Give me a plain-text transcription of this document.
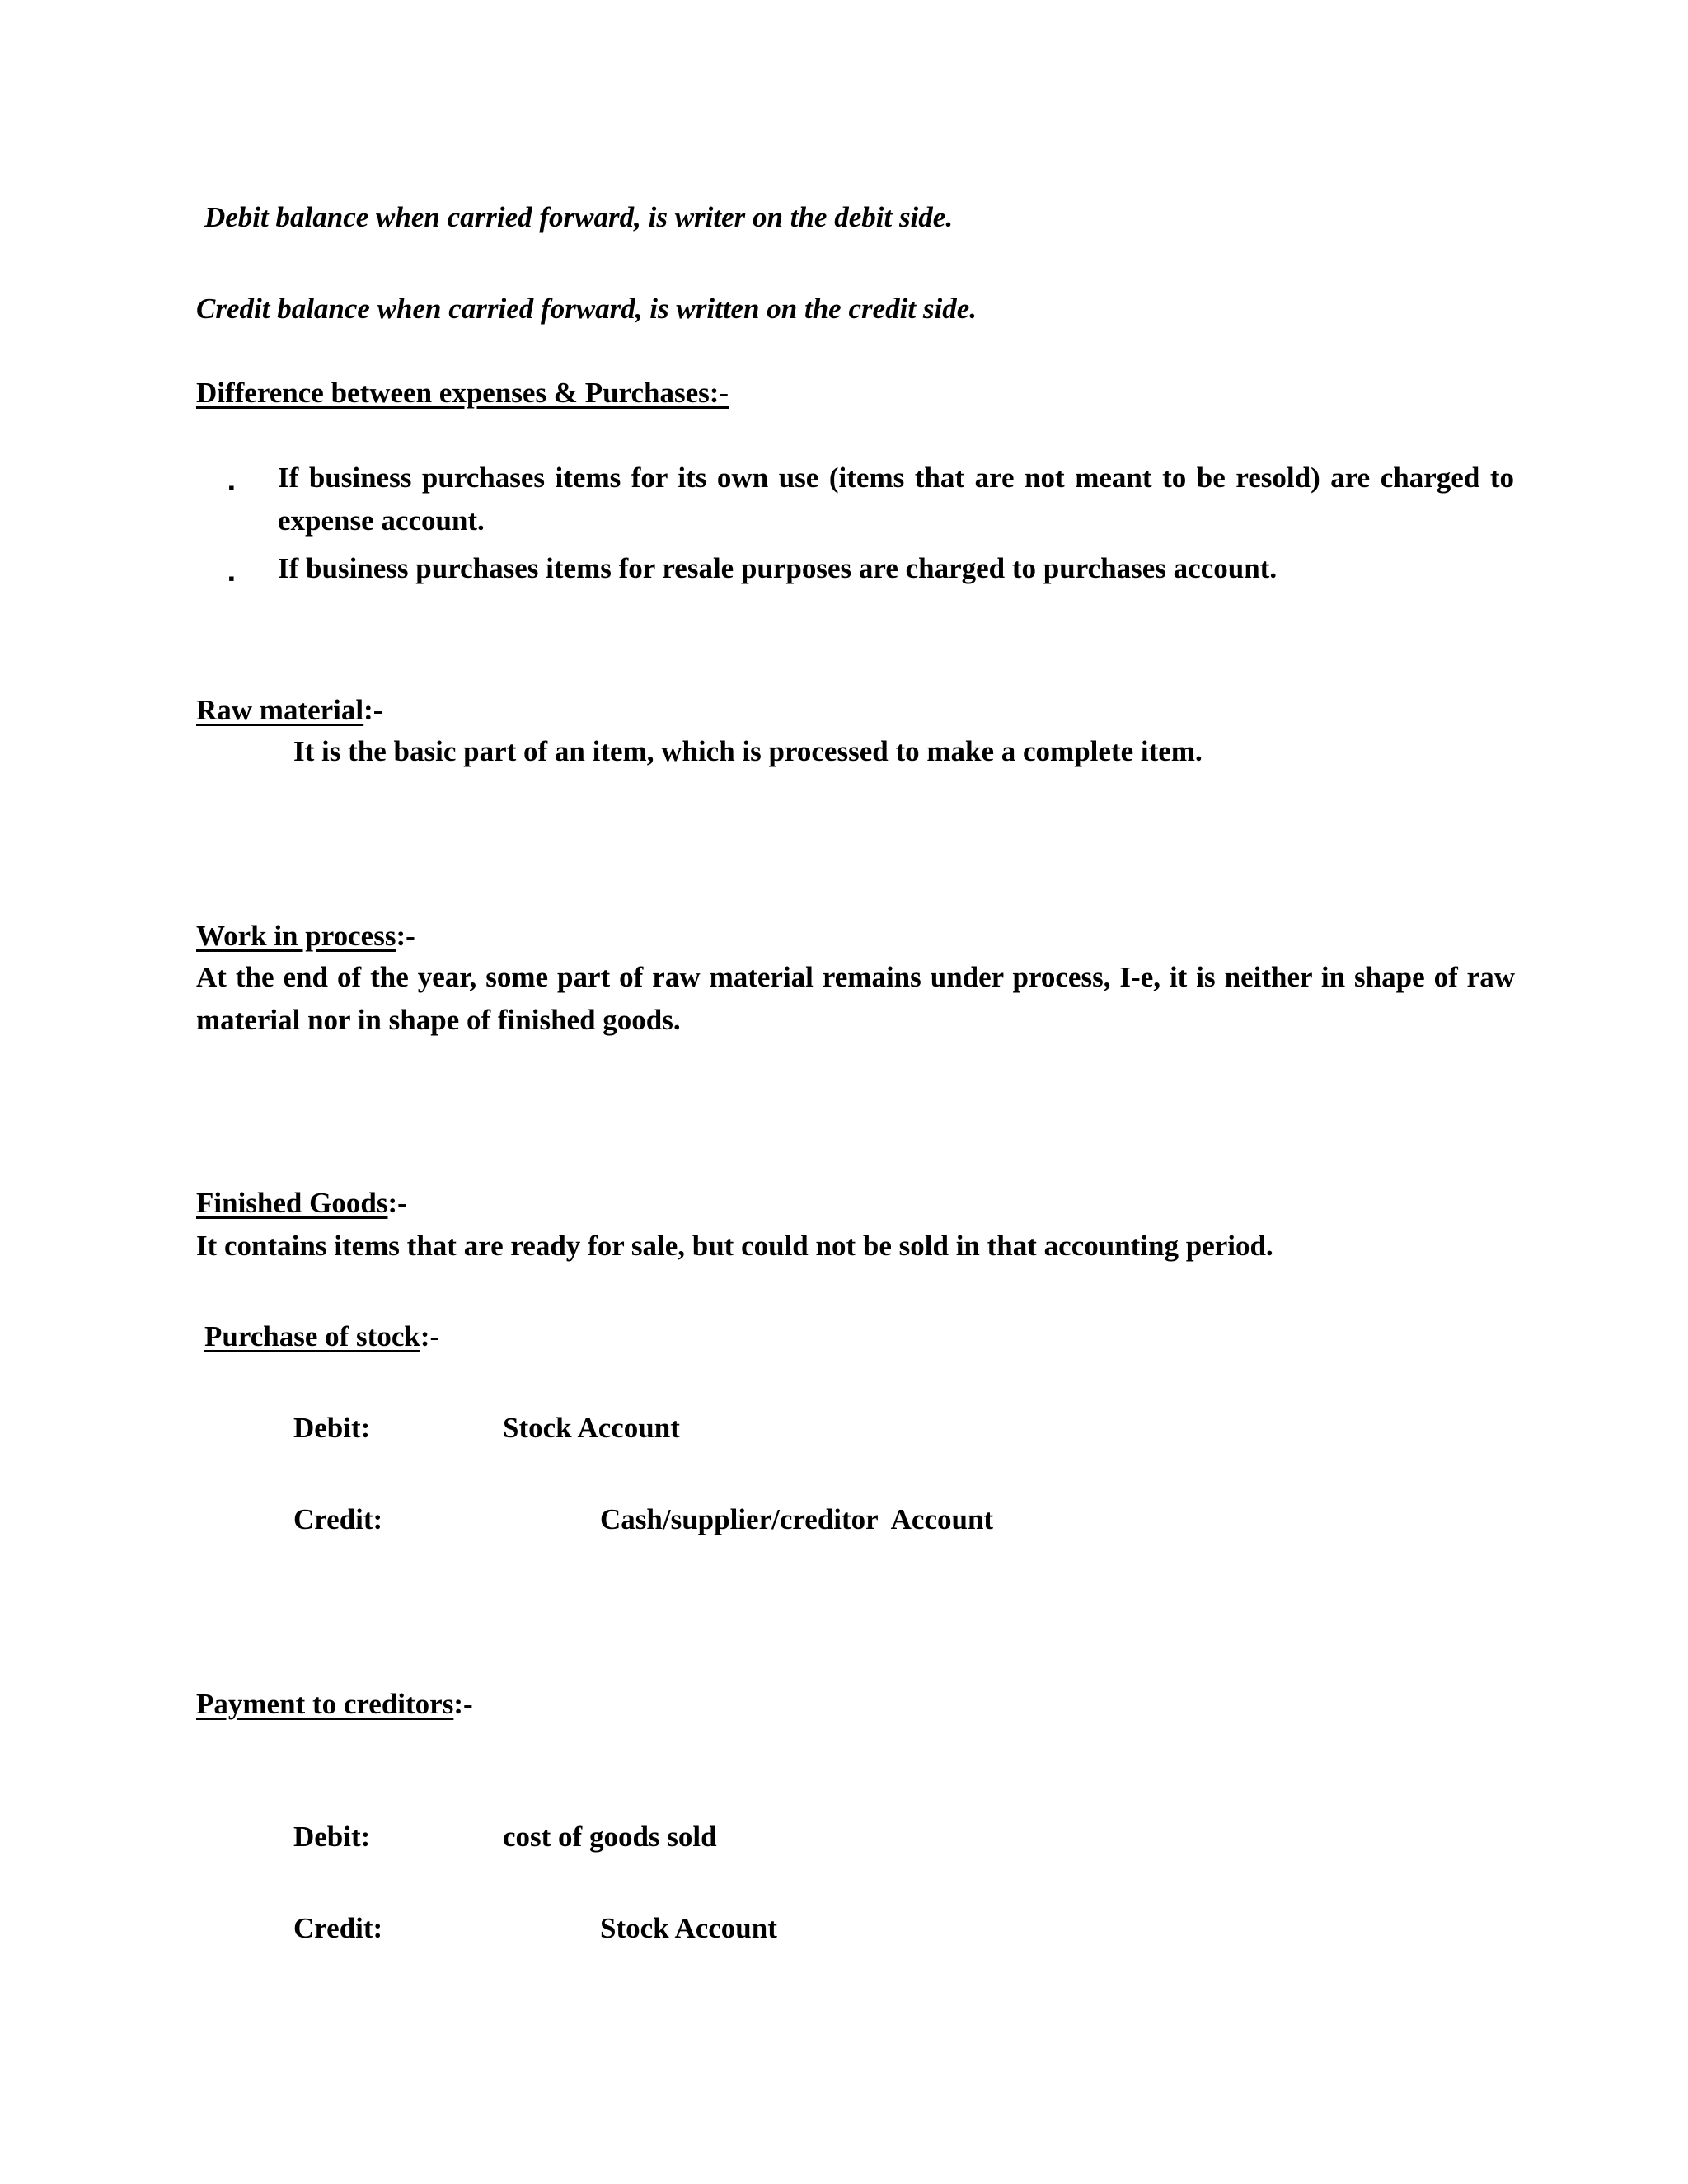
Debit balance when carried forward, is writer on the debit side.
Credit balance when carried forward, is written on the credit side.
Difference between expenses & Purchases:-
▪ If business purchases items for its own use (items that are not meant to be resold) are charged to expense account.
▪ If business purchases items for resale purposes are charged to purchases account.
Raw material:-
It is the basic part of an item, which is processed to make a complete item.
Work in process:-
At the end of the year, some part of raw material remains under process, I-e, it is neither in shape of raw material nor in shape of finished goods.
Finished Goods:-
It contains items that are ready for sale, but could not be sold in that accounting period.
Purchase of stock:-
Debit:	Stock Account
Credit:	Cash/supplier/creditor  Account
Payment to creditors:-
Debit:	cost of goods sold
Credit:	Stock Account
